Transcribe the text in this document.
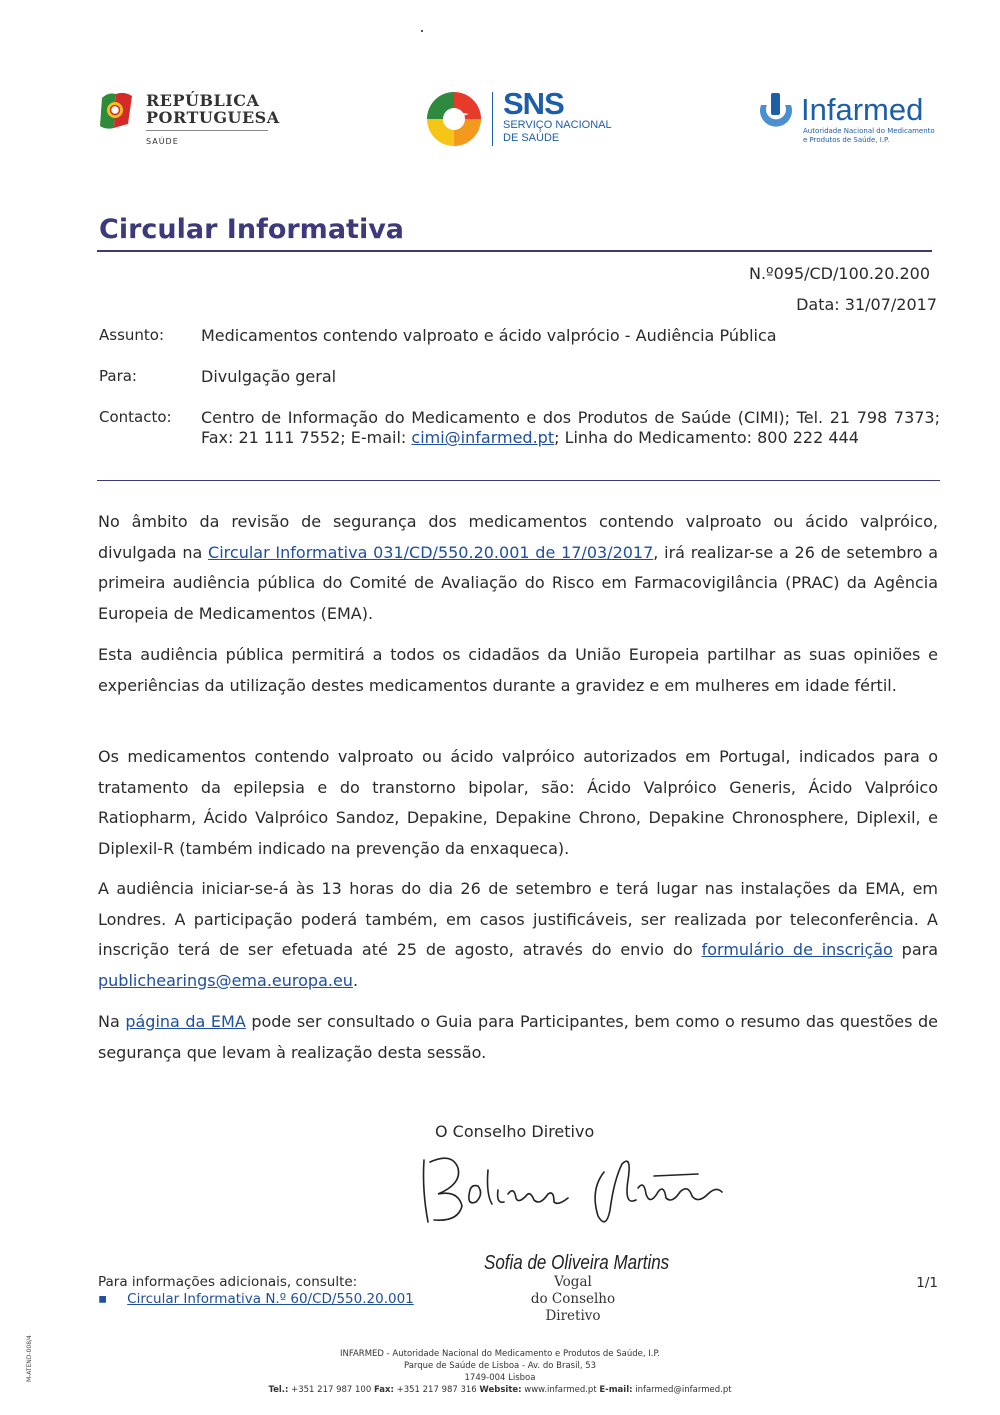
REPÚBLICA
PORTUGUESA
SAÚDE
SNS
SERVIÇO NACIONAL
DE SAÚDE
Infarmed
Autoridade Nacional do Medicamento
e Produtos de Saúde, I.P.
Circular Informativa
N.º095/CD/100.20.200
Data: 31/07/2017
Assunto: Medicamentos contendo valproato e ácido valprócio - Audiência Pública
Para:	Divulgação geral
Contacto: Centro de Informação do Medicamento e dos Produtos de Saúde (CIMI); Tel. 21 798 7373; Fax: 21 111 7552; E-mail: cimi@infarmed.pt; Linha do Medicamento: 800 222 444

No âmbito da revisão de segurança dos medicamentos contendo valproato ou ácido valpróico, divulgada na Circular Informativa 031/CD/550.20.001 de 17/03/2017, irá realizar-se a 26 de setembro a primeira audiência pública do Comité de Avaliação do Risco em Farmacovigilância (PRAC) da Agência Europeia de Medicamentos (EMA).

Esta audiência pública permitirá a todos os cidadãos da União Europeia partilhar as suas opiniões e experiências da utilização destes medicamentos durante a gravidez e em mulheres em idade fértil.

Os medicamentos contendo valproato ou ácido valpróico autorizados em Portugal, indicados para o tratamento da epilepsia e do transtorno bipolar, são: Ácido Valpróico Generis, Ácido Valpróico Ratiopharm, Ácido Valpróico Sandoz, Depakine, Depakine Chrono, Depakine Chronosphere, Diplexil, e Diplexil-R (também indicado na prevenção da enxaqueca).

A audiência iniciar-se-á às 13 horas do dia 26 de setembro e terá lugar nas instalações da EMA, em Londres. A participação poderá também, em casos justificáveis, ser realizada por teleconferência. A inscrição terá de ser efetuada até 25 de agosto, através do envio do formulário de inscrição para publichearings@ema.europa.eu.

Na página da EMA pode ser consultado o Guia para Participantes, bem como o resumo das questões de segurança que levam à realização desta sessão.

O Conselho Diretivo
Sofia de Oliveira Martins
Vogal
do Conselho Diretivo
Para informações adicionais, consulte:
▪ Circular Informativa N.º 60/CD/550.20.001
1/1
INFARMED - Autoridade Nacional do Medicamento e Produtos de Saúde, I.P.
Parque de Saúde de Lisboa - Av. do Brasil, 53
1749-004 Lisboa
Tel.: +351 217 987 100 Fax: +351 217 987 316 Website: www.infarmed.pt E-mail: infarmed@infarmed.pt
M-ATEND-008/4
